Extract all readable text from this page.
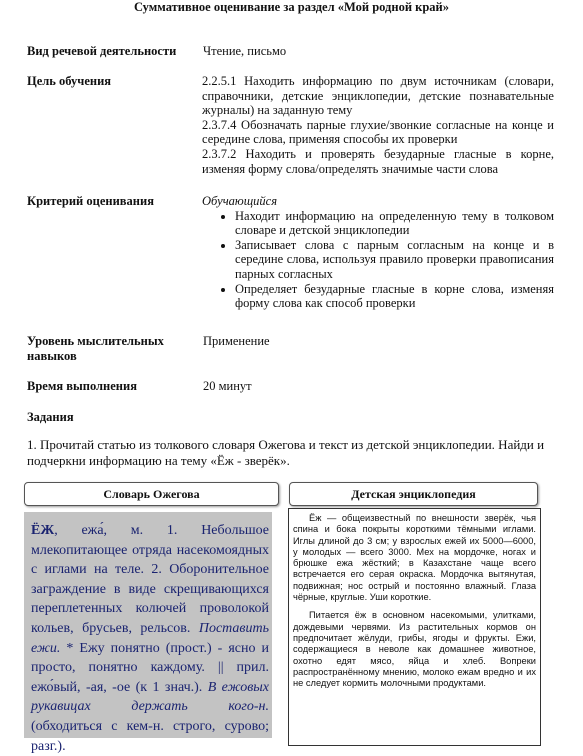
Суммативное оценивание за раздел «Мой родной край»
Вид речевой деятельности Чтение, письмо
Цель обучения	2.2.5.1 Находить информацию по двум источникам (словари, справочники, детские энциклопедии, детские познавательные журналы) на заданную тему

2.3.7.4 Обозначать парные глухие/звонкие согласные на конце и середине слова, применяя способы их проверки

2.3.7.2 Находить и проверять безударные гласные в корне, изменяя форму слова/определять значимые части слова

Критерий оценивания	Обучающийся
• Находит информацию на определенную тему в толковом словаре и детской энциклопедии
• Записывает слова с парным согласным на конце и в середине слова, используя правило проверки правописания парных согласных
• Определяет безударные гласные в корне слова, изменяя форму слова как способ проверки
Уровень мыслительных навыков
Применение
Время выполнения	20 минут
Задания
1. Прочитай статью из толкового словаря Ожегова и текст из детской энциклопедии. Найди и подчеркни информацию на тему «Ёж - зверёк».
Словарь Ожегова	Детская энциклопедия
ЁЖ, ежа́, м. 1. Небольшое млекопитающее отряда насекомоядных с иглами на теле. 2. Оборонительное заграждение в виде скрещивающихся переплетенных колючей проволокой кольев, брусьев, рельсов. Поставить ежи. * Ежу понятно (прост.) - ясно и просто, понятно каждому. || прил. ежо́вый, -ая, -ое (к 1 знач.). В ежовых рукавицах держать кого-н. (обходиться с кем-н. строго, сурово; разг.).

Ёж — общеизвестный по внешности зверёк, чья спина и бока покрыты короткими тёмными иглами. Иглы длиной до 3 см; у взрослых ежей их 5000—6000, у молодых — всего 3000. Мех на мордочке, ногах и брюшке ежа жёсткий; в Казахстане чаще всего встречается его серая окраска. Мордочка вытянутая, подвижная; нос острый и постоянно влажный. Глаза чёрные, круглые. Уши короткие.

Питается ёж в основном насекомыми, улитками, дождевыми червями. Из растительных кормов он предпочитает жёлуди, грибы, ягоды и фрукты. Ежи, содержащиеся в неволе как домашнее животное, охотно едят мясо, яйца и хлеб. Вопреки распространённому мнению, молоко ежам вредно и их не следует кормить молочными продуктами.
